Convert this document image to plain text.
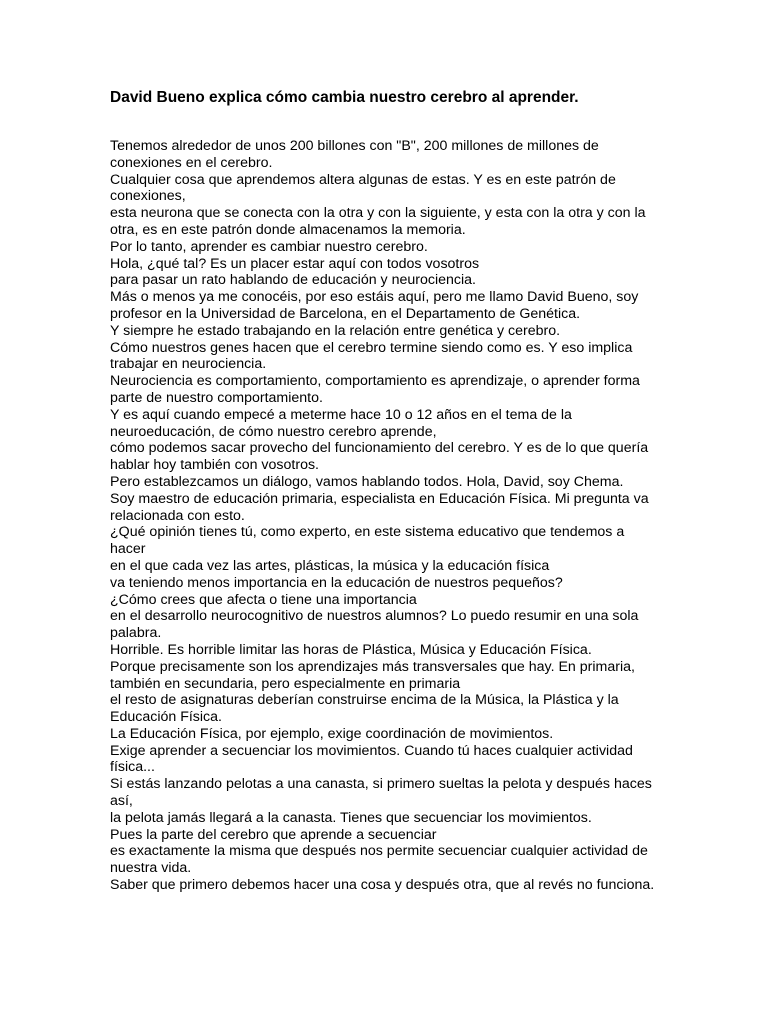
David Bueno explica cómo cambia nuestro cerebro al aprender.

Tenemos alrededor de unos 200 billones con "B", 200 millones de millones de conexiones en el cerebro.

Cualquier cosa que aprendemos altera algunas de estas. Y es en este patrón de conexiones,

esta neurona que se conecta con la otra y con la siguiente, y esta con la otra y con la otra, es en este patrón donde almacenamos la memoria.

Por lo tanto, aprender es cambiar nuestro cerebro.

Hola, ¿qué tal? Es un placer estar aquí con todos vosotros

para pasar un rato hablando de educación y neurociencia.

Más o menos ya me conocéis, por eso estáis aquí, pero me llamo David Bueno, soy profesor en la Universidad de Barcelona, en el Departamento de Genética.

Y siempre he estado trabajando en la relación entre genética y cerebro.

Cómo nuestros genes hacen que el cerebro termine siendo como es. Y eso implica trabajar en neurociencia.

Neurociencia es comportamiento, comportamiento es aprendizaje, o aprender forma parte de nuestro comportamiento.

Y es aquí cuando empecé a meterme hace 10 o 12 años en el tema de la neuroeducación, de cómo nuestro cerebro aprende,

cómo podemos sacar provecho del funcionamiento del cerebro. Y es de lo que quería hablar hoy también con vosotros.

Pero establezcamos un diálogo, vamos hablando todos. Hola, David, soy Chema.

Soy maestro de educación primaria, especialista en Educación Física. Mi pregunta va relacionada con esto.

¿Qué opinión tienes tú, como experto, en este sistema educativo que tendemos a hacer

en el que cada vez las artes, plásticas, la música y la educación física

va teniendo menos importancia en la educación de nuestros pequeños?

¿Cómo crees que afecta o tiene una importancia

en el desarrollo neurocognitivo de nuestros alumnos? Lo puedo resumir en una sola palabra.

Horrible. Es horrible limitar las horas de Plástica, Música y Educación Física.

Porque precisamente son los aprendizajes más transversales que hay. En primaria, también en secundaria, pero especialmente en primaria

el resto de asignaturas deberían construirse encima de la Música, la Plástica y la Educación Física.

La Educación Física, por ejemplo, exige coordinación de movimientos.

Exige aprender a secuenciar los movimientos. Cuando tú haces cualquier actividad física...

Si estás lanzando pelotas a una canasta, si primero sueltas la pelota y después haces así,

la pelota jamás llegará a la canasta. Tienes que secuenciar los movimientos.

Pues la parte del cerebro que aprende a secuenciar

es exactamente la misma que después nos permite secuenciar cualquier actividad de nuestra vida.

Saber que primero debemos hacer una cosa y después otra, que al revés no funciona.
